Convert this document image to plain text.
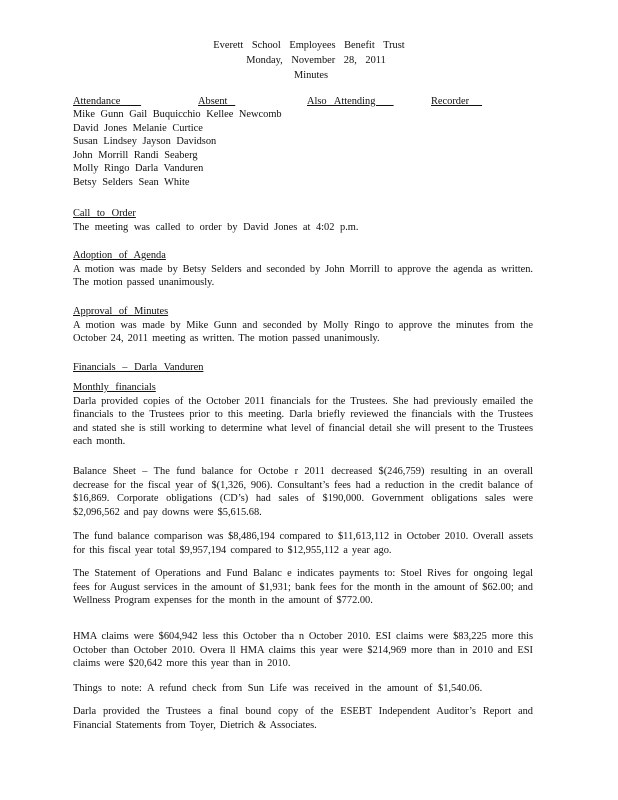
Everett School Employees Benefit Trust
Monday, November 28, 2011
Minutes
Attendance	Absent	Also   Attending	Recorder
Mike Gunn Gail Buquicchio Kellee Newcomb
David Jones Melanie Curtice
Susan Lindsey Jayson Davidson
John Morrill Randi Seaberg
Molly Ringo Darla Vanduren
Betsy Selders Sean White
Call to Order
The meeting was called to order by David Jones at 4:02 p.m.
Adoption of Agenda
A motion was made by Betsy Selders and seconded by John Morrill to approve the agenda as written. The motion passed unanimously.
Approval of Minutes
A motion was made by Mike Gunn and seconded by Molly Ringo to approve the minutes from the October 24, 2011 meeting as written. The motion passed unanimously.
Financials – Darla Vanduren
Monthly financials
Darla provided copies of the October 2011 financials for the Trustees. She had previously emailed the financials to the Trustees prior to this meeting. Darla briefly reviewed the financials with the Trustees and stated she is still working to determine what level of financial detail she will present to the Trustees each month.
Balance Sheet – The fund balance for Octobe r 2011 decreased $(246,759) resulting in an overall decrease for the fiscal year of $(1,326, 906). Consultant’s fees had a reduction in the credit balance of $16,869. Corporate obligations (CD’s) had sales of $190,000. Government obligations sales were $2,096,562 and pay downs were $5,615.68.
The fund balance comparison was $8,486,194 compared to $11,613,112 in October 2010. Overall assets for this fiscal year total $9,957,194 compared to $12,955,112 a year ago.
The Statement of Operations and Fund Balanc e indicates payments to: Stoel Rives for ongoing legal fees for August services in the amount of $1,931; bank fees for the month in the amount of $62.00; and Wellness Program expenses for the month in the amount of $772.00.
HMA claims were $604,942 less this October tha n October 2010. ESI claims were $83,225 more this October than October 2010. Overa ll HMA claims this year were $214,969 more than in 2010 and ESI claims were $20,642 more this year than in 2010.
Things to note: A refund check from Sun Life was received in the amount of $1,540.06.
Darla provided the Trustees a final bound copy of the ESEBT Independent Auditor’s Report and Financial Statements from Toyer, Dietrich & Associates.
